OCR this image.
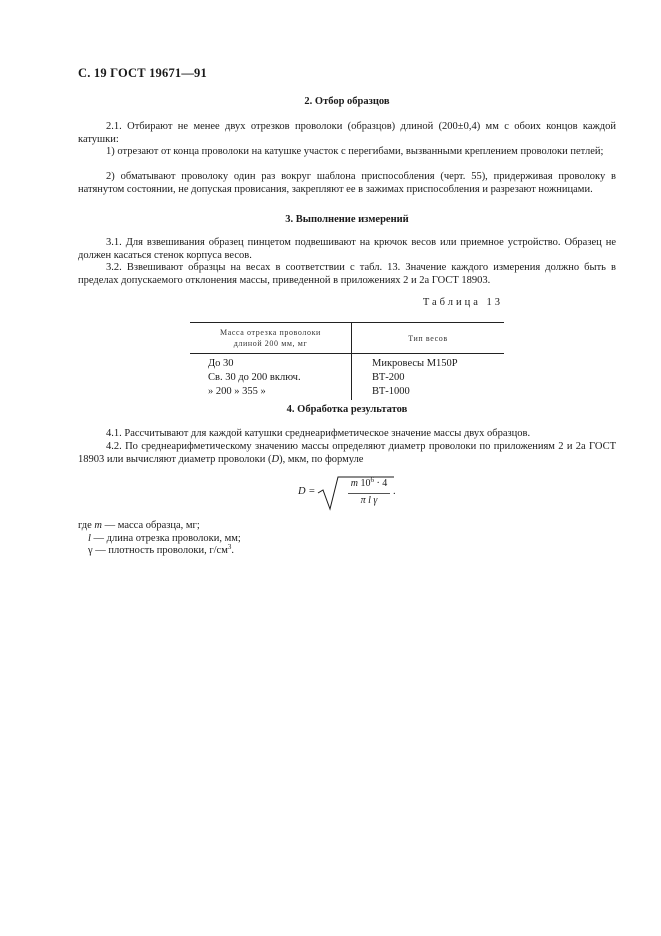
С. 19 ГОСТ 19671—91
2. Отбор образцов
2.1. Отбирают не менее двух отрезков проволоки (образцов) длиной (200±0,4) мм с обоих концов каждой катушки:
1) отрезают от конца проволоки на катушке участок с перегибами, вызванными креплением проволоки петлей;
2) обматывают проволоку один раз вокруг шаблона приспособления (черт. 55), придерживая проволоку в натянутом состоянии, не допуская провисания, закрепляют ее в зажимах приспособления и разрезают ножницами.
3. Выполнение измерений
3.1. Для взвешивания образец пинцетом подвешивают на крючок весов или приемное устройство. Образец не должен касаться стенок корпуса весов.
3.2. Взвешивают образцы на весах в соответствии с табл. 13. Значение каждого измерения должно быть в пределах допускаемого отклонения массы, приведенной в приложениях 2 и 2а ГОСТ 18903.
Таблица 13
Масса отрезка проволоки
длиной 200 мм, мг	Тип весов
До 30	Микровесы М150Р
Св. 30 до 200 включ.	ВТ-200
» 200 » 355 »	ВТ-1000
4. Обработка результатов
4.1. Рассчитывают для каждой катушки среднеарифметическое значение массы двух образцов.
4.2. По среднеарифметическому значению массы определяют диаметр проволоки по приложениям 2 и 2а ГОСТ 18903 или вычисляют диаметр проволоки (D), мкм, по формуле
D =
m $10^6 \cdot 4$
π l γ
.
где m — масса образца, мг;
l — длина отрезка проволоки, мм;
γ — плотность проволоки, $г/см^3$.
